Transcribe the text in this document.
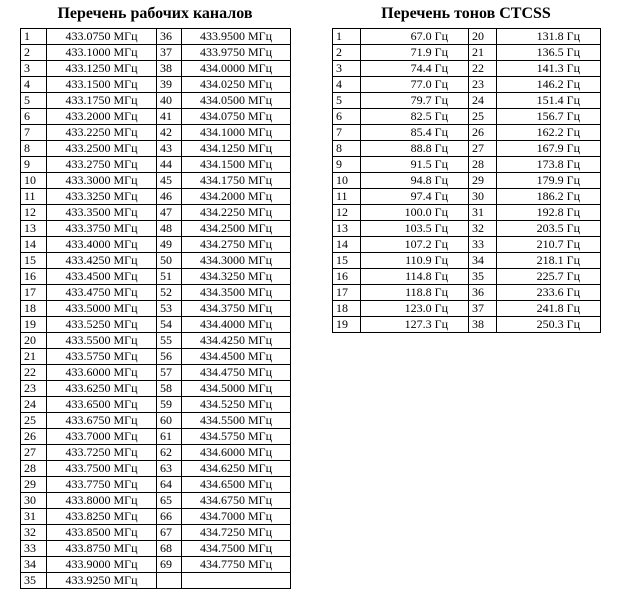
Перечень рабочих каналов
1	433.0750 МГц	36	433.9500 МГц
2	433.1000 МГц	37	433.9750 МГц
3	433.1250 МГц	38	434.0000 МГц
4	433.1500 МГц	39	434.0250 МГц
5	433.1750 МГц	40	434.0500 МГц
6	433.2000 МГц	41	434.0750 МГц
7	433.2250 МГц	42	434.1000 МГц
8	433.2500 МГц	43	434.1250 МГц
9	433.2750 МГц	44	434.1500 МГц
10	433.3000 МГц	45	434.1750 МГц
11	433.3250 МГц	46	434.2000 МГц
12	433.3500 МГц	47	434.2250 МГц
13	433.3750 МГц	48	434.2500 МГц
14	433.4000 МГц	49	434.2750 МГц
15	433.4250 МГц	50	434.3000 МГц
16	433.4500 МГц	51	434.3250 МГц
17	433.4750 МГц	52	434.3500 МГц
18	433.5000 МГц	53	434.3750 МГц
19	433.5250 МГц	54	434.4000 МГц
20	433.5500 МГц	55	434.4250 МГц
21	433.5750 МГц	56	434.4500 МГц
22	433.6000 МГц	57	434.4750 МГц
23	433.6250 МГц	58	434.5000 МГц
24	433.6500 МГц	59	434.5250 МГц
25	433.6750 МГц	60	434.5500 МГц
26	433.7000 МГц	61	434.5750 МГц
27	433.7250 МГц	62	434.6000 МГц
28	433.7500 МГц	63	434.6250 МГц
29	433.7750 МГц	64	434.6500 МГц
30	433.8000 МГц	65	434.6750 МГц
31	433.8250 МГц	66	434.7000 МГц
32	433.8500 МГц	67	434.7250 МГц
33	433.8750 МГц	68	434.7500 МГц
34	433.9000 МГц	69	434.7750 МГц
35	433.9250 МГц		
Перечень тонов CTCSS
1	67.0 Гц	20	131.8 Гц
2	71.9 Гц	21	136.5 Гц
3	74.4 Гц	22	141.3 Гц
4	77.0 Гц	23	146.2 Гц
5	79.7 Гц	24	151.4 Гц
6	82.5 Гц	25	156.7 Гц
7	85.4 Гц	26	162.2 Гц
8	88.8 Гц	27	167.9 Гц
9	91.5 Гц	28	173.8 Гц
10	94.8 Гц	29	179.9 Гц
11	97.4 Гц	30	186.2 Гц
12	100.0 Гц	31	192.8 Гц
13	103.5 Гц	32	203.5 Гц
14	107.2 Гц	33	210.7 Гц
15	110.9 Гц	34	218.1 Гц
16	114.8 Гц	35	225.7 Гц
17	118.8 Гц	36	233.6 Гц
18	123.0 Гц	37	241.8 Гц
19	127.3 Гц	38	250.3 Гц
